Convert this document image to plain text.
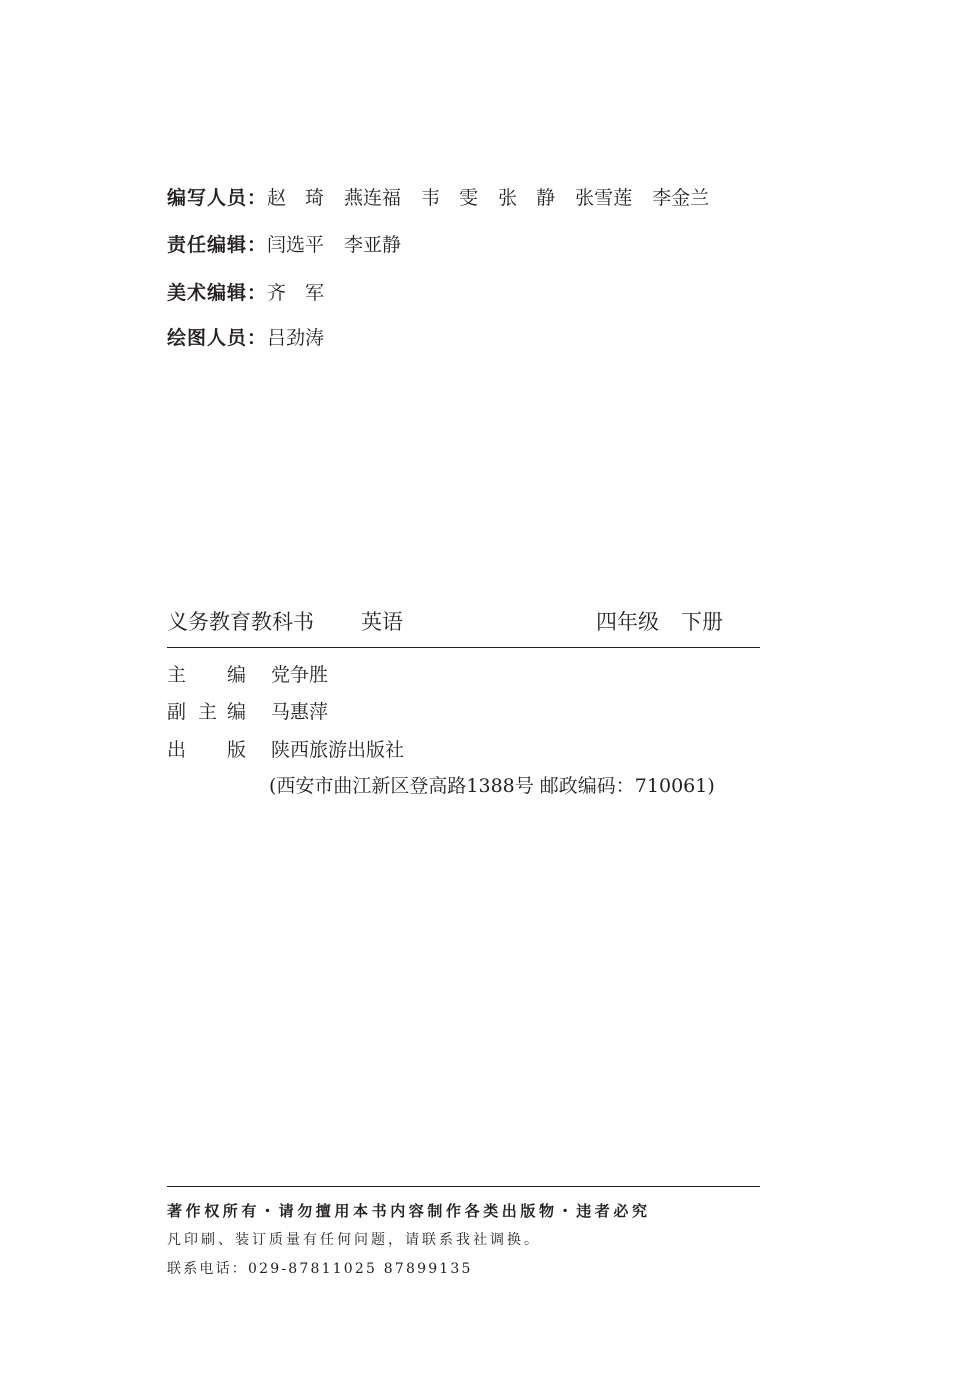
编写人员：赵　琦 燕连福 韦　雯 张　静 张雪莲 李金兰
责任编辑：闫选平 李亚静
美术编辑：齐　军
绘图人员：吕劲涛
义务教育教科书 英语	四年级 下册
主 编 党争胜
副 主 编 马惠萍
出 版 陕西旅游出版社
(西安市曲江新区登高路1388号 邮政编码：710061)
著作权所有・请勿擅用本书内容制作各类出版物・违者必究
凡印刷、装订质量有任何问题，请联系我社调换。
联系电话：029-87811025 87899135
